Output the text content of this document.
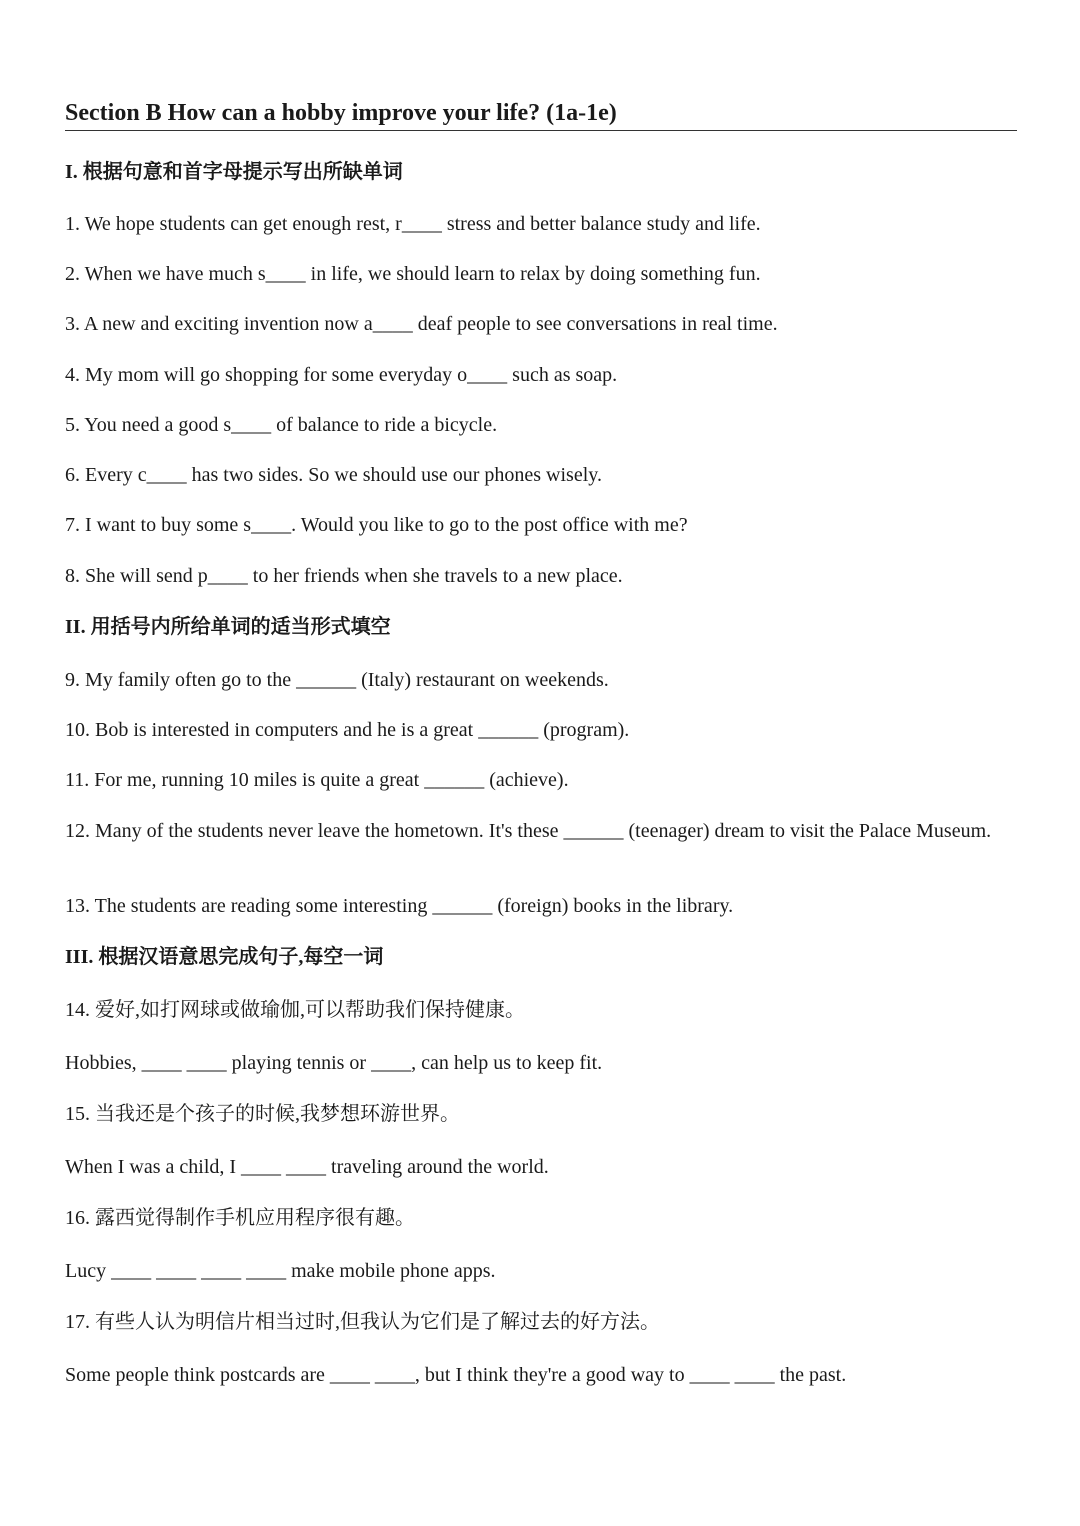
Section B How can a hobby improve your life? (1a-1e)
I. 根据句意和首字母提示写出所缺单词
1. We hope students can get enough rest, r____ stress and better balance study and life.
2. When we have much s____ in life, we should learn to relax by doing something fun.
3. A new and exciting invention now a____ deaf people to see conversations in real time.
4. My mom will go shopping for some everyday o____ such as soap.
5. You need a good s____ of balance to ride a bicycle.
6. Every c____ has two sides. So we should use our phones wisely.
7. I want to buy some s____. Would you like to go to the post office with me?
8. She will send p____ to her friends when she travels to a new place.
II. 用括号内所给单词的适当形式填空
9. My family often go to the ______ (Italy) restaurant on weekends.
10. Bob is interested in computers and he is a great ______ (program).
11. For me, running 10 miles is quite a great ______ (achieve).
12. Many of the students never leave the hometown. It's these ______ (teenager) dream to visit the Palace Museum.
13. The students are reading some interesting ______ (foreign) books in the library.
III. 根据汉语意思完成句子,每空一词
14. 爱好,如打网球或做瑜伽,可以帮助我们保持健康。
Hobbies, ____ ____ playing tennis or ____, can help us to keep fit.
15. 当我还是个孩子的时候,我梦想环游世界。
When I was a child, I ____ ____ traveling around the world.
16. 露西觉得制作手机应用程序很有趣。
Lucy ____ ____ ____ ____ make mobile phone apps.
17. 有些人认为明信片相当过时,但我认为它们是了解过去的好方法。
Some people think postcards are ____ ____, but I think they're a good way to ____ ____ the past.
